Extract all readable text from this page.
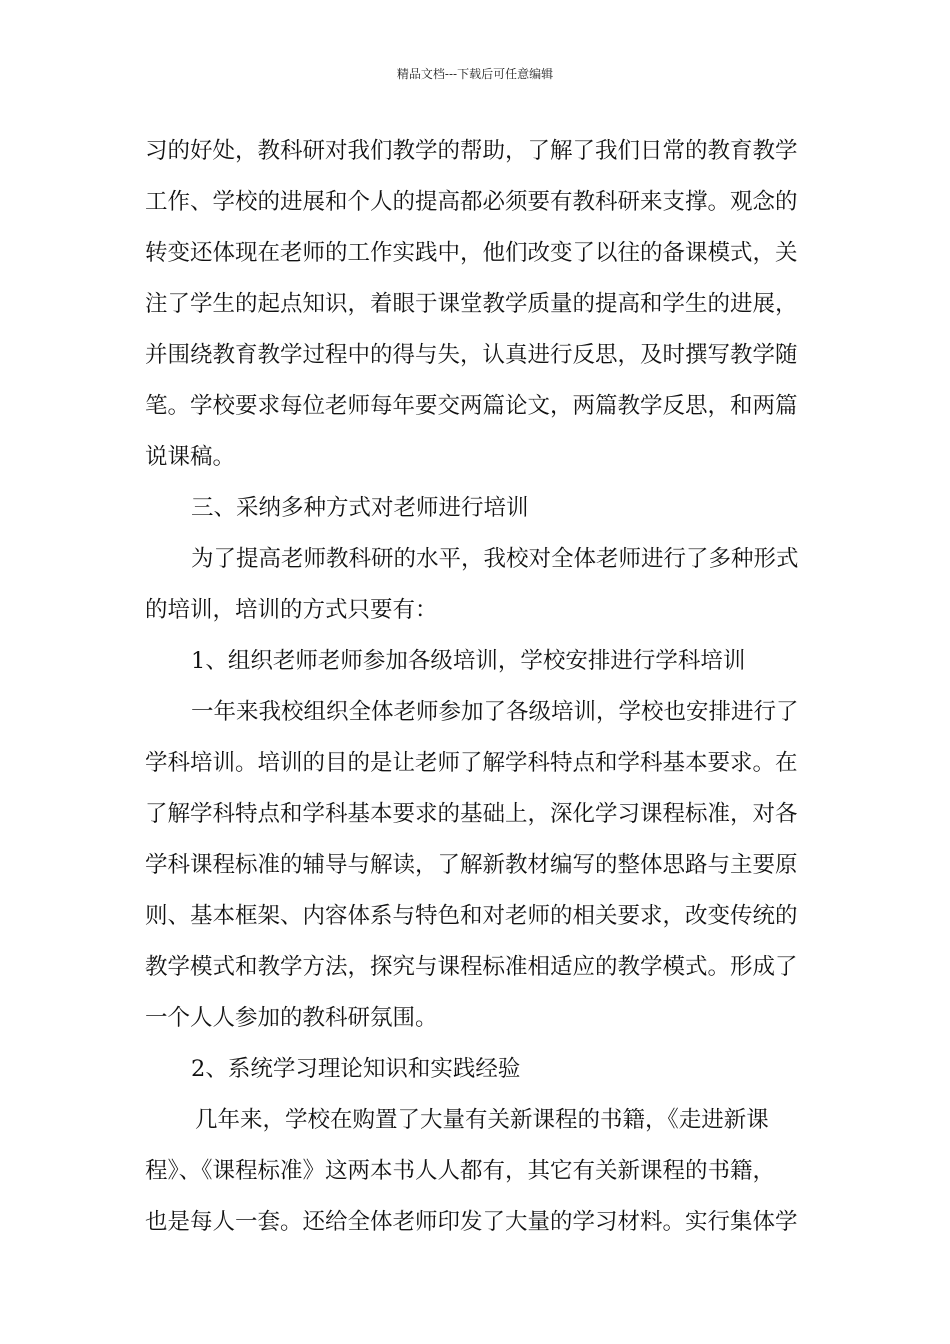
精品文档---下载后可任意编辑
习的好处，教科研对我们教学的帮助，了解了我们日常的教育教学
工作、学校的进展和个人的提高都必须要有教科研来支撑。观念的
转变还体现在老师的工作实践中，他们改变了以往的备课模式，关
注了学生的起点知识，着眼于课堂教学质量的提高和学生的进展，
并围绕教育教学过程中的得与失，认真进行反思，及时撰写教学随
笔。学校要求每位老师每年要交两篇论文，两篇教学反思，和两篇
说课稿。
三、采纳多种方式对老师进行培训
为了提高老师教科研的水平，我校对全体老师进行了多种形式
的培训，培训的方式只要有：
1、组织老师老师参加各级培训，学校安排进行学科培训
一年来我校组织全体老师参加了各级培训，学校也安排进行了
学科培训。培训的目的是让老师了解学科特点和学科基本要求。在
了解学科特点和学科基本要求的基础上，深化学习课程标准，对各
学科课程标准的辅导与解读，了解新教材编写的整体思路与主要原
则、基本框架、内容体系与特色和对老师的相关要求，改变传统的
教学模式和教学方法，探究与课程标准相适应的教学模式。形成了
一个人人参加的教科研氛围。
2、系统学习理论知识和实践经验
几年来，学校在购置了大量有关新课程的书籍，《走进新课
程》、《课程标准》这两本书人人都有，其它有关新课程的书籍，
也是每人一套。还给全体老师印发了大量的学习材料。实行集体学
